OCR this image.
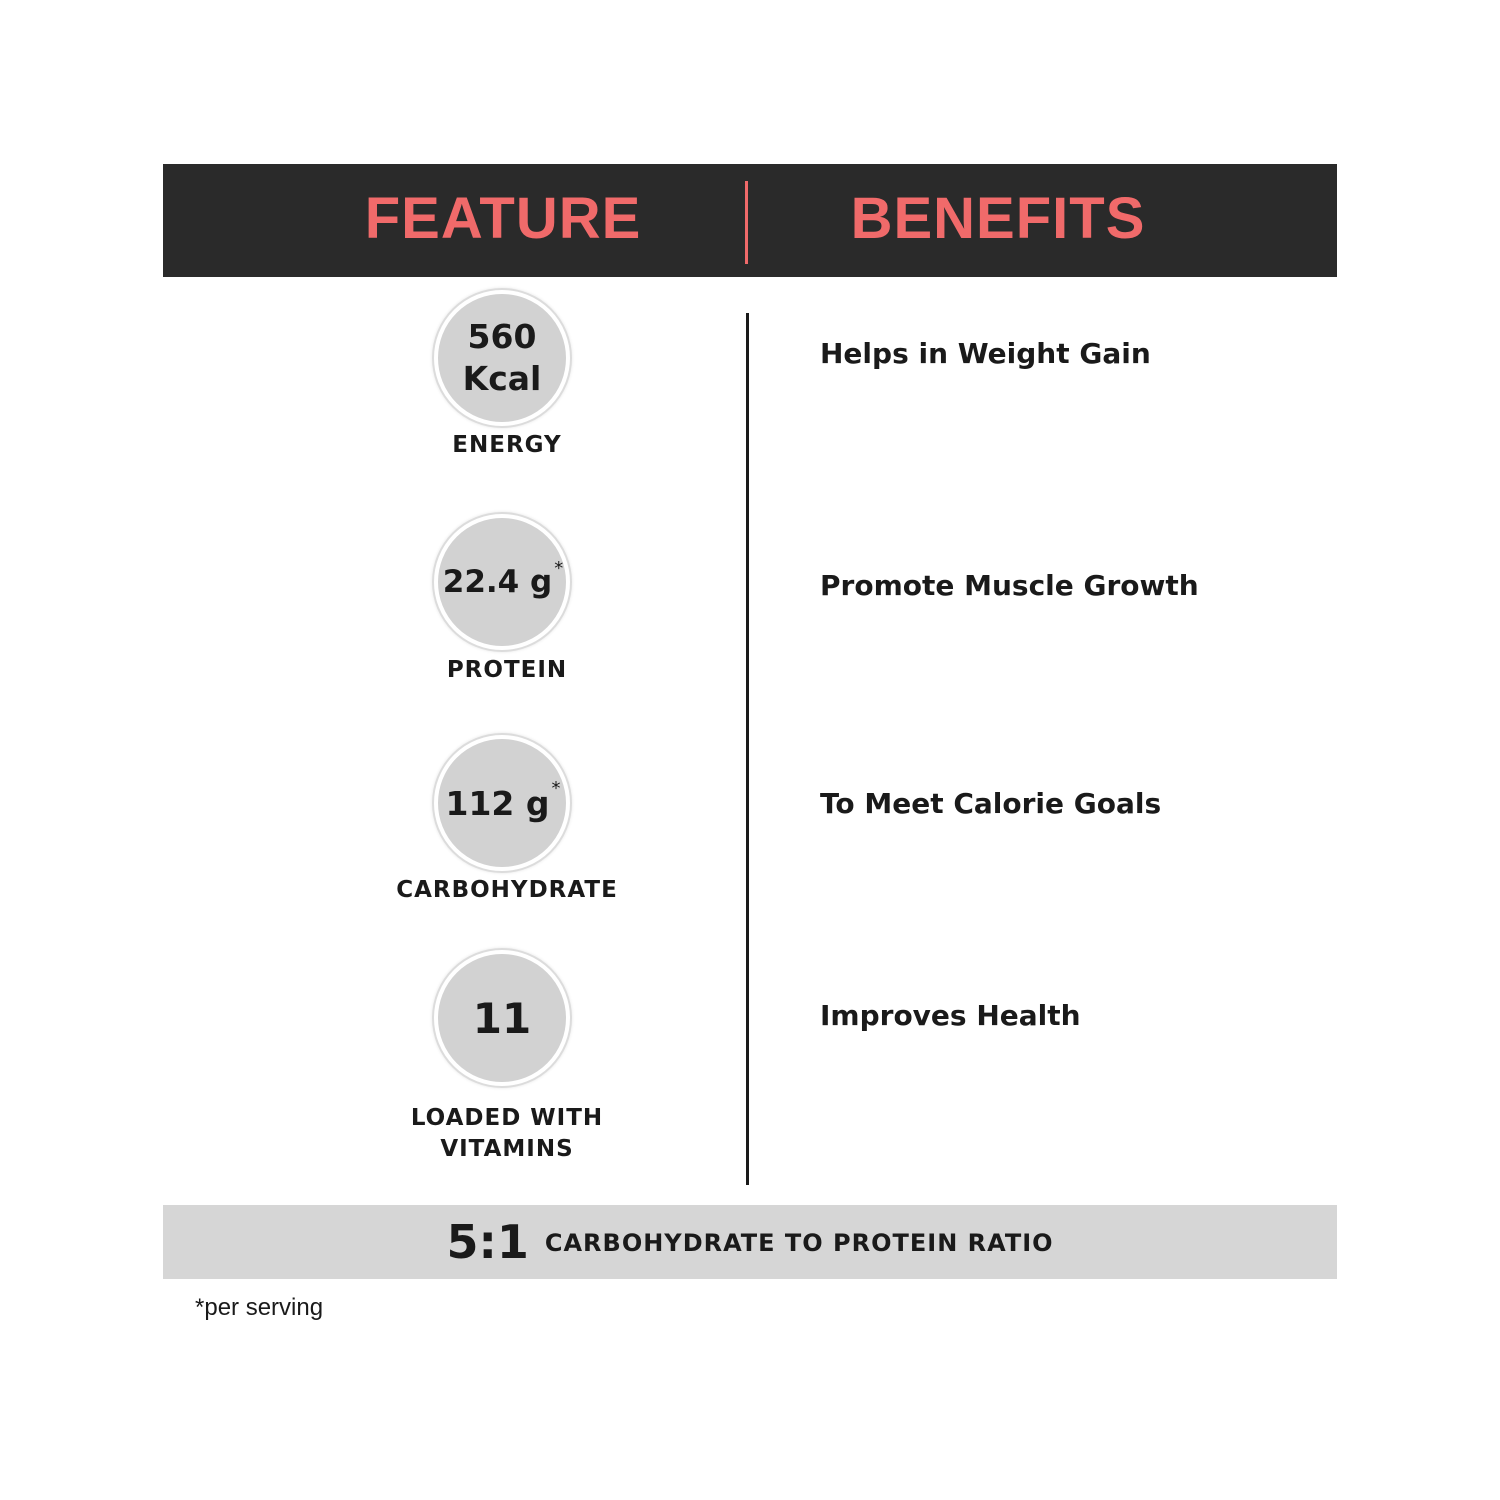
FEATURE	BENEFITS
560
Kcal
ENERGY
22.4 g *
PROTEIN
112 g *
CARBOHYDRATE
11
LOADED WITH
VITAMINS
Helps in Weight Gain
Promote Muscle Growth
To Meet Calorie Goals
Improves Health
5:1 CARBOHYDRATE TO PROTEIN RATIO
*per serving
